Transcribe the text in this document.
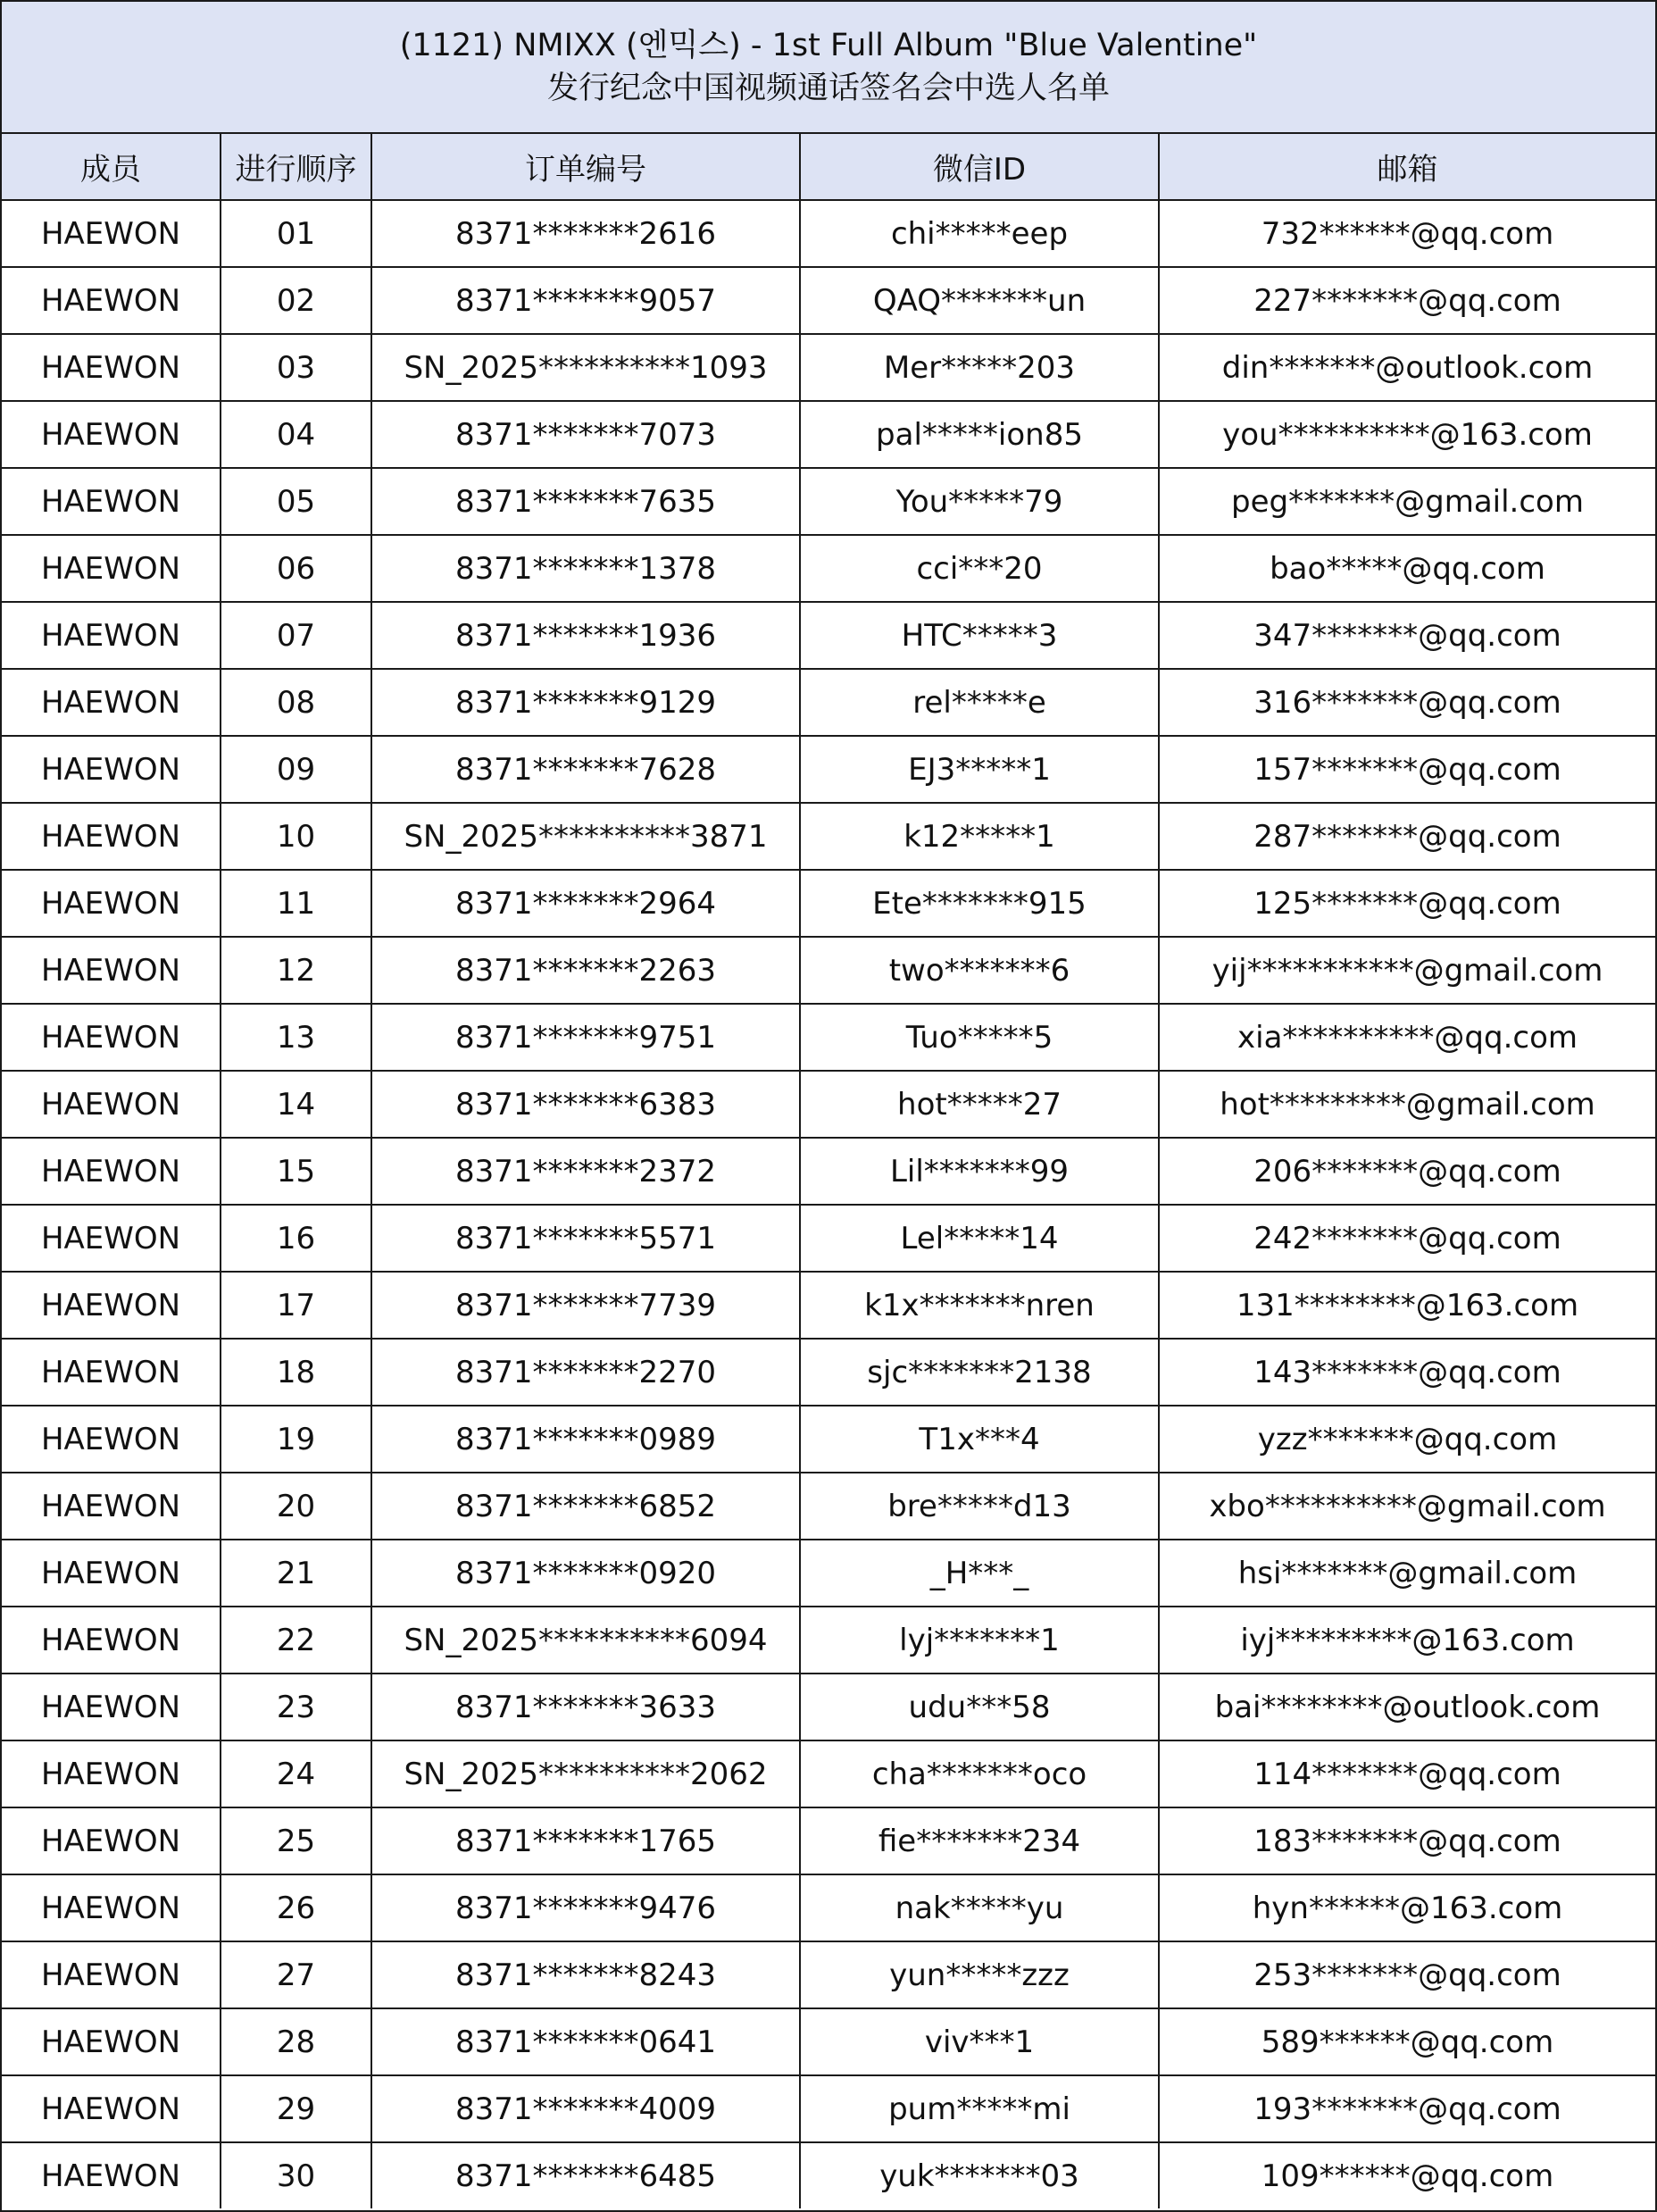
(1121) NMIXX (엔믹스) - 1st Full Album "Blue Valentine"
发行纪念中国视频通话签名会中选人名单
成员	进行顺序	订单编号	微信ID	邮箱
HAEWON	01	8371*******2616	chi*****eep	732******@qq.com
HAEWON	02	8371*******9057	QAQ*******un	227*******@qq.com
HAEWON	03	SN_2025**********1093	Mer*****203	din*******@outlook.com
HAEWON	04	8371*******7073	pal*****ion85	you**********@163.com
HAEWON	05	8371*******7635	You*****79	peg*******@gmail.com
HAEWON	06	8371*******1378	cci***20	bao*****@qq.com
HAEWON	07	8371*******1936	HTC*****3	347*******@qq.com
HAEWON	08	8371*******9129	rel*****e	316*******@qq.com
HAEWON	09	8371*******7628	EJ3*****1	157*******@qq.com
HAEWON	10	SN_2025**********3871	k12*****1	287*******@qq.com
HAEWON	11	8371*******2964	Ete*******915	125*******@qq.com
HAEWON	12	8371*******2263	two*******6	yij***********@gmail.com
HAEWON	13	8371*******9751	Tuo*****5	xia**********@qq.com
HAEWON	14	8371*******6383	hot*****27	hot*********@gmail.com
HAEWON	15	8371*******2372	Lil*******99	206*******@qq.com
HAEWON	16	8371*******5571	Lel*****14	242*******@qq.com
HAEWON	17	8371*******7739	k1x*******nren	131********@163.com
HAEWON	18	8371*******2270	sjc*******2138	143*******@qq.com
HAEWON	19	8371*******0989	T1x***4	yzz*******@qq.com
HAEWON	20	8371*******6852	bre*****d13	xbo**********@gmail.com
HAEWON	21	8371*******0920	_H***_	hsi*******@gmail.com
HAEWON	22	SN_2025**********6094	lyj*******1	iyj*********@163.com
HAEWON	23	8371*******3633	udu***58	bai********@outlook.com
HAEWON	24	SN_2025**********2062	cha*******oco	114*******@qq.com
HAEWON	25	8371*******1765	fie*******234	183*******@qq.com
HAEWON	26	8371*******9476	nak*****yu	hyn******@163.com
HAEWON	27	8371*******8243	yun*****zzz	253*******@qq.com
HAEWON	28	8371*******0641	viv***1	589******@qq.com
HAEWON	29	8371*******4009	pum*****mi	193*******@qq.com
HAEWON	30	8371*******6485	yuk*******03	109******@qq.com
